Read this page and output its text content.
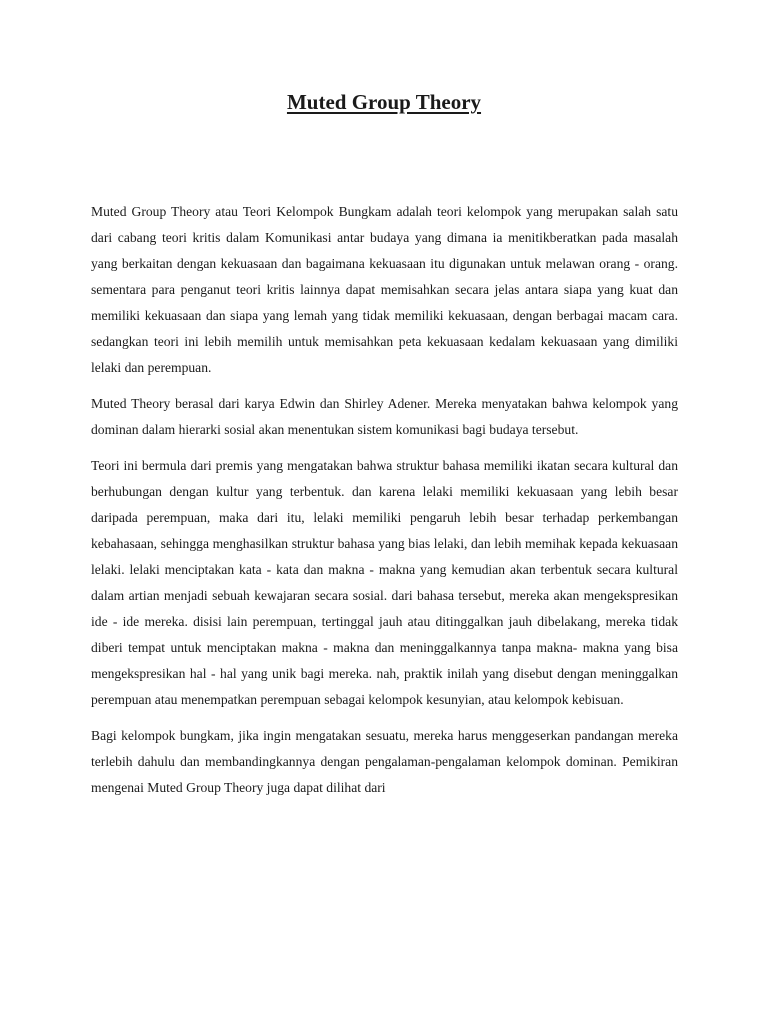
Muted Group Theory

Muted Group Theory atau Teori Kelompok Bungkam adalah teori kelompok yang merupakan salah satu dari cabang teori kritis dalam Komunikasi antar budaya yang dimana ia menitikberatkan pada masalah yang berkaitan dengan kekuasaan dan bagaimana kekuasaan itu digunakan untuk melawan orang - orang. sementara para penganut teori kritis lainnya dapat memisahkan secara jelas antara siapa yang kuat dan memiliki kekuasaan dan siapa yang lemah yang tidak memiliki kekuasaan, dengan berbagai macam cara. sedangkan teori ini lebih memilih untuk memisahkan peta kekuasaan kedalam kekuasaan yang dimiliki lelaki dan perempuan.

Muted Theory berasal dari karya Edwin dan Shirley Adener. Mereka menyatakan bahwa kelompok yang dominan dalam hierarki sosial akan menentukan sistem komunikasi bagi budaya tersebut.

Teori ini bermula dari premis yang mengatakan bahwa struktur bahasa memiliki ikatan secara kultural dan berhubungan dengan kultur yang terbentuk. dan karena lelaki memiliki kekuasaan yang lebih besar daripada perempuan, maka dari itu, lelaki memiliki pengaruh lebih besar terhadap perkembangan kebahasaan, sehingga menghasilkan struktur bahasa yang bias lelaki, dan lebih memihak kepada kekuasaan lelaki. lelaki menciptakan kata - kata dan makna - makna yang kemudian akan terbentuk secara kultural dalam artian menjadi sebuah kewajaran secara sosial. dari bahasa tersebut, mereka akan mengekspresikan ide - ide mereka. disisi lain perempuan, tertinggal jauh atau ditinggalkan jauh dibelakang, mereka tidak diberi tempat untuk menciptakan makna - makna dan meninggalkannya tanpa makna- makna yang bisa mengekspresikan hal - hal yang unik bagi mereka. nah, praktik inilah yang disebut dengan meninggalkan perempuan atau menempatkan perempuan sebagai kelompok kesunyian, atau kelompok kebisuan.

Bagi kelompok bungkam, jika ingin mengatakan sesuatu, mereka harus menggeserkan pandangan mereka terlebih dahulu dan membandingkannya dengan pengalaman-pengalaman kelompok dominan. Pemikiran mengenai Muted Group Theory juga dapat dilihat dari
